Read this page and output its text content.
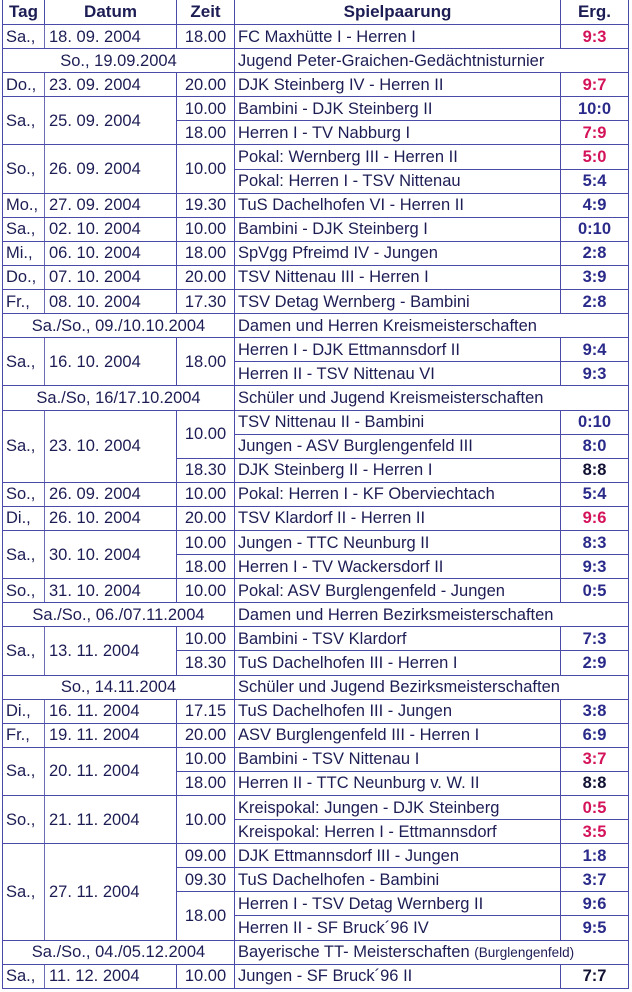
Tag	Datum	Zeit	Spielpaarung	Erg.
Sa.,	18. 09. 2004	18.00	FC Maxhütte I - Herren I	9:3
So., 19.09.2004			Jugend Peter-Graichen-Gedächtnisturnier	
Do.,	23. 09. 2004	20.00	DJK Steinberg IV - Herren II	9:7
Sa.,	25. 09. 2004	10.00	Bambini - DJK Steinberg II	10:0
		18.00	Herren I - TV Nabburg I	7:9
So.,	26. 09. 2004	10.00	Pokal: Wernberg III - Herren II	5:0
			Pokal: Herren I - TSV Nittenau	5:4
Mo.,	27. 09. 2004	19.30	TuS Dachelhofen VI - Herren II	4:9
Sa.,	02. 10. 2004	10.00	Bambini - DJK Steinberg I	0:10
Mi.,	06. 10. 2004	18.00	SpVgg Pfreimd IV - Jungen	2:8
Do.,	07. 10. 2004	20.00	TSV Nittenau III - Herren I	3:9
Fr.,	08. 10. 2004	17.30	TSV Detag Wernberg - Bambini	2:8
Sa./So., 09./10.10.2004			Damen und Herren Kreismeisterschaften	
Sa.,	16. 10. 2004	18.00	Herren I - DJK Ettmannsdorf II	9:4
			Herren II - TSV Nittenau VI	9:3
Sa./So, 16/17.10.2004			Schüler und Jugend Kreismeisterschaften	
Sa.,	23. 10. 2004	10.00	TSV Nittenau II - Bambini	0:10
			Jungen - ASV Burglengenfeld III	8:0
		18.30	DJK Steinberg II - Herren I	8:8
So.,	26. 09. 2004	10.00	Pokal: Herren I - KF Oberviechtach	5:4
Di.,	26. 10. 2004	20.00	TSV Klardorf II - Herren II	9:6
Sa.,	30. 10. 2004	10.00	Jungen - TTC Neunburg II	8:3
		18.00	Herren I - TV Wackersdorf II	9:3
So.,	31. 10. 2004	10.00	Pokal: ASV Burglengenfeld - Jungen	0:5
Sa./So., 06./07.11.2004			Damen und Herren Bezirksmeisterschaften	
Sa.,	13. 11. 2004	10.00	Bambini - TSV Klardorf	7:3
		18.30	TuS Dachelhofen III - Herren I	2:9
So., 14.11.2004			Schüler und Jugend Bezirksmeisterschaften	
Di.,	16. 11. 2004	17.15	TuS Dachelhofen III - Jungen	3:8
Fr.,	19. 11. 2004	20.00	ASV Burglengenfeld III - Herren I	6:9
Sa.,	20. 11. 2004	10.00	Bambini - TSV Nittenau I	3:7
		18.00	Herren II - TTC Neunburg v. W. II	8:8
So.,	21. 11. 2004	10.00	Kreispokal: Jungen - DJK Steinberg	0:5
			Kreispokal: Herren I - Ettmannsdorf	3:5
Sa.,	27. 11. 2004	09.00	DJK Ettmannsdorf III - Jungen	1:8
		09.30	TuS Dachelhofen - Bambini	3:7
		18.00	Herren I - TSV Detag Wernberg II	9:6
			Herren II - SF Bruck´96 IV	9:5
Sa./So., 04./05.12.2004			Bayerische TT- Meisterschaften (Burglengenfeld)	
Sa.,	11. 12. 2004	10.00	Jungen - SF Bruck´96 II	7:7
